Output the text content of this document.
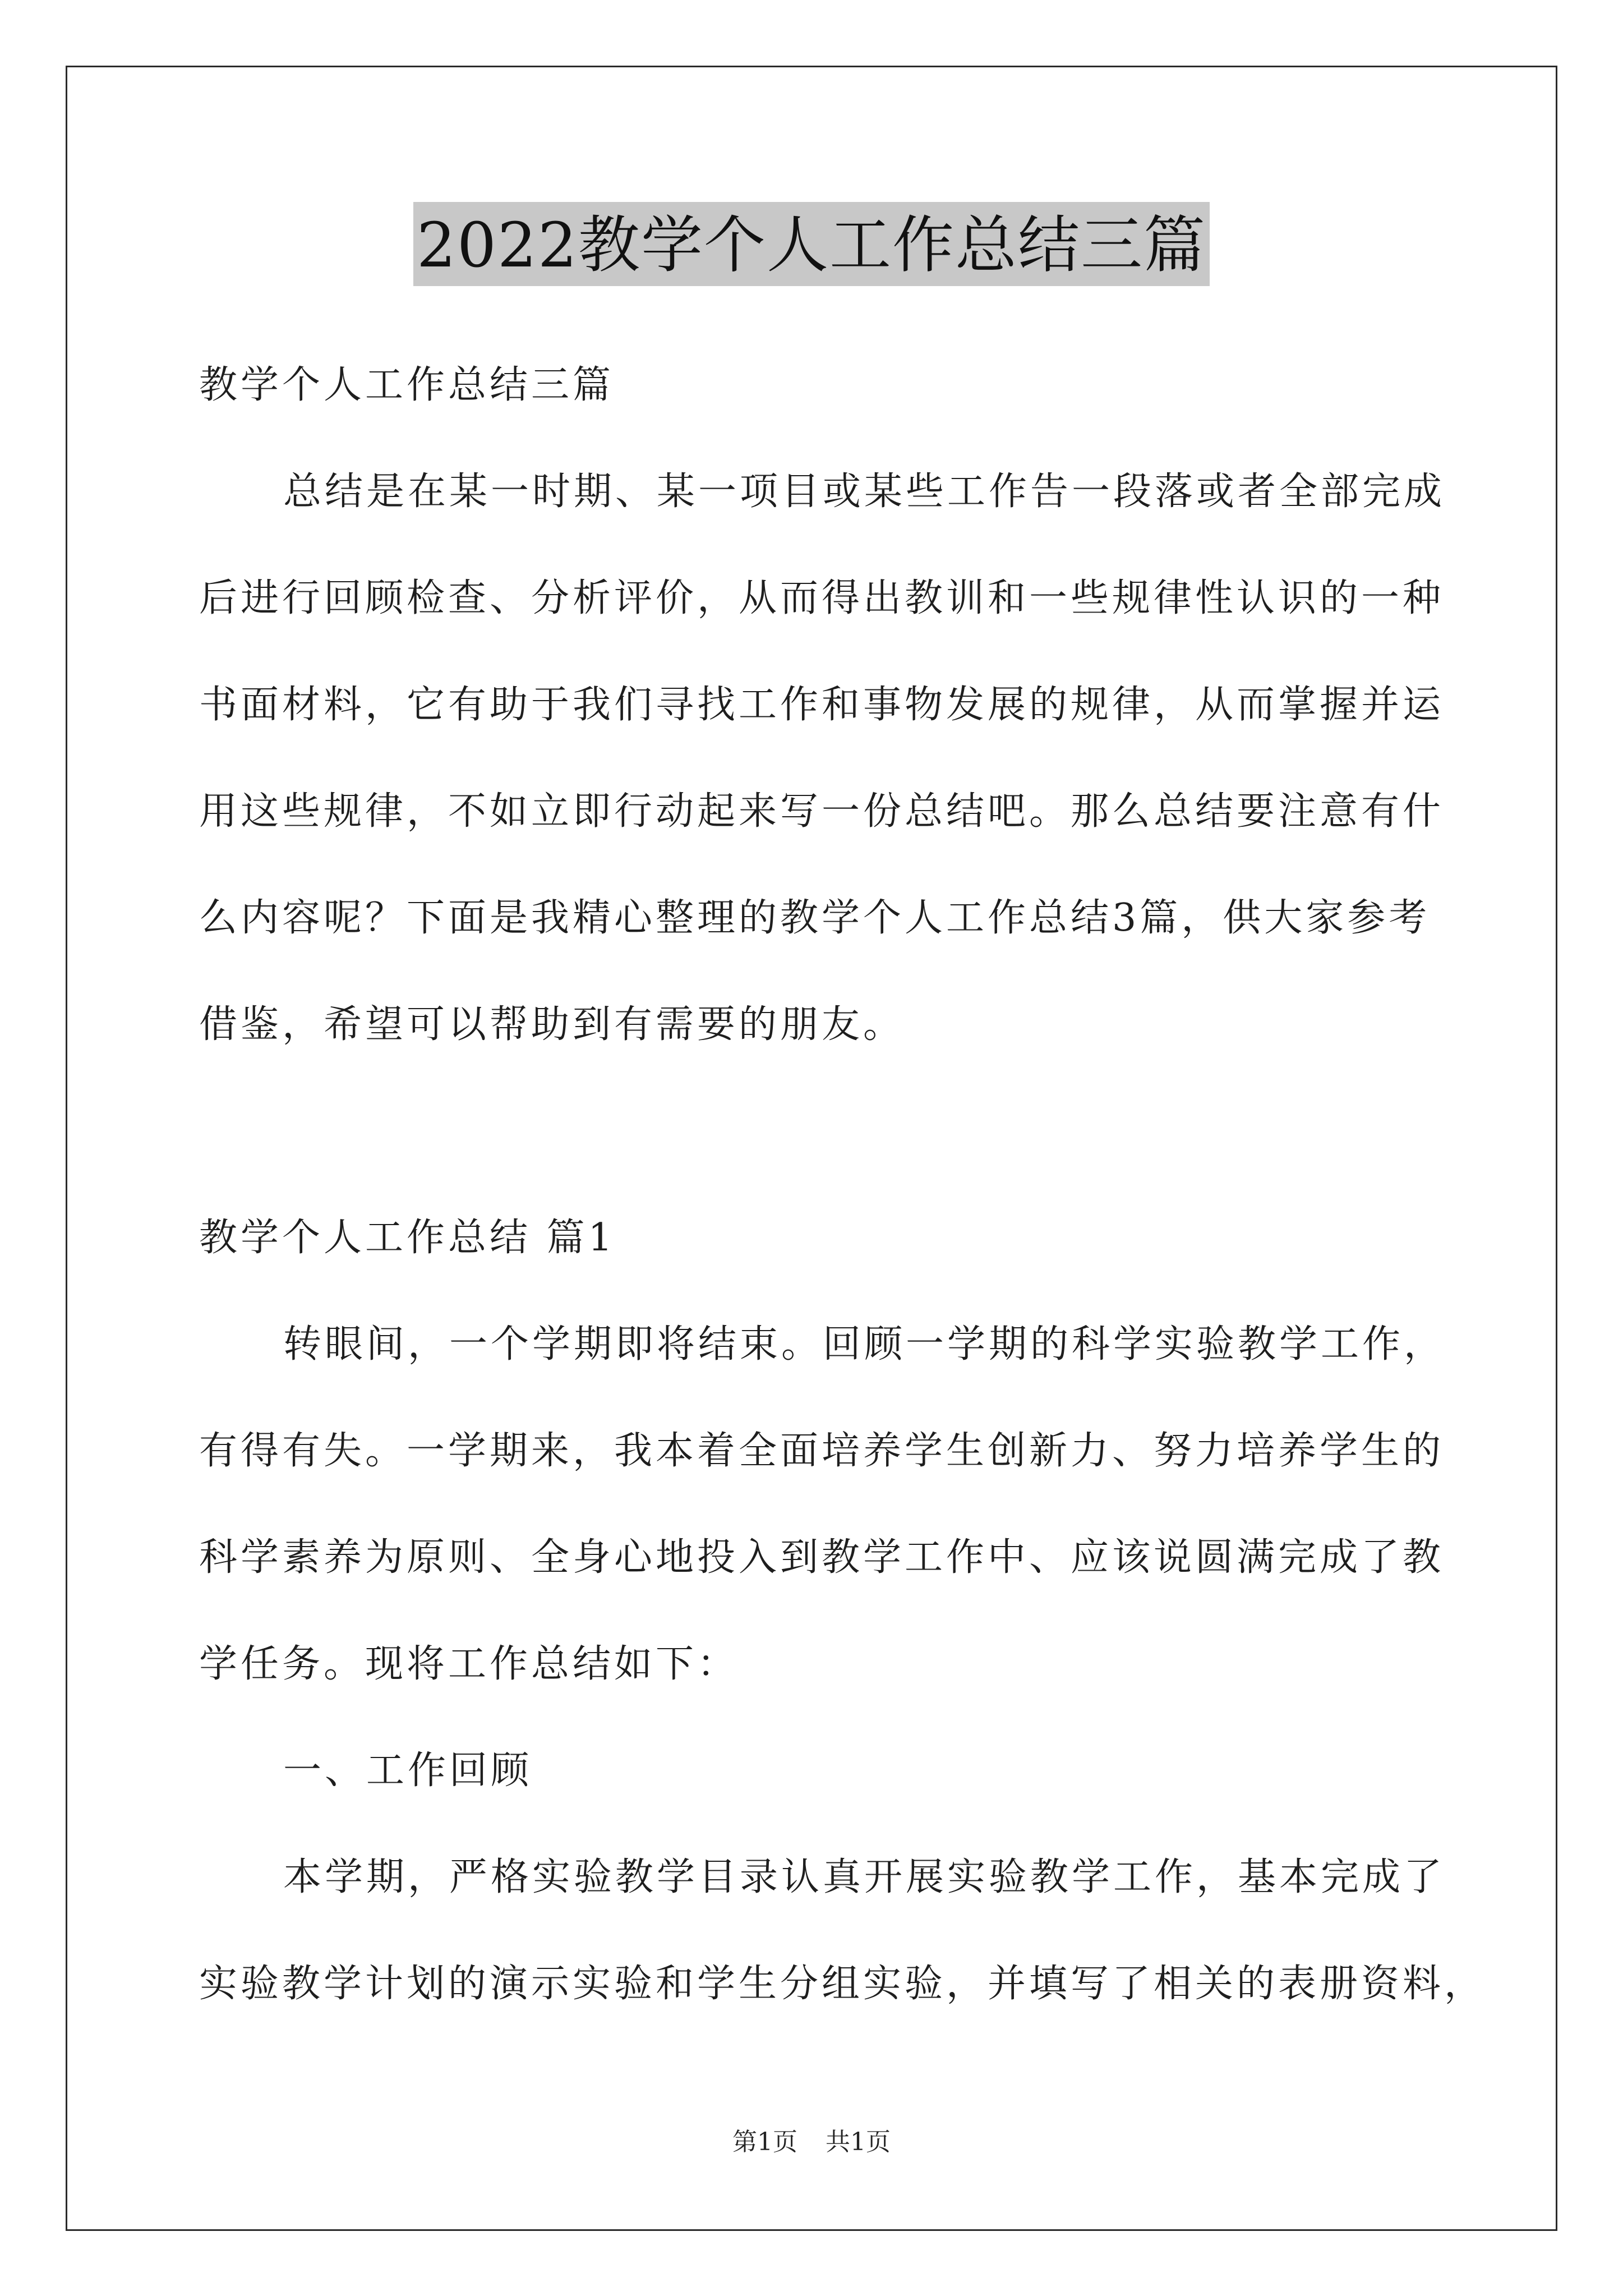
2022教学个人工作总结三篇
教学个人工作总结三篇
总结是在某一时期、某一项目或某些工作告一段落或者全部完成
后进行回顾检查、分析评价，从而得出教训和一些规律性认识的一种
书面材料，它有助于我们寻找工作和事物发展的规律，从而掌握并运
用这些规律，不如立即行动起来写一份总结吧。那么总结要注意有什
么内容呢？下面是我精心整理的教学个人工作总结3篇，供大家参考
借鉴，希望可以帮助到有需要的朋友。
教学个人工作总结 篇1
转眼间，一个学期即将结束。回顾一学期的科学实验教学工作，
有得有失。一学期来，我本着全面培养学生创新力、努力培养学生的
科学素养为原则、全身心地投入到教学工作中、应该说圆满完成了教
学任务。现将工作总结如下：
一、工作回顾
本学期，严格实验教学目录认真开展实验教学工作，基本完成了
实验教学计划的演示实验和学生分组实验，并填写了相关的表册资料，
第1页 共1页
